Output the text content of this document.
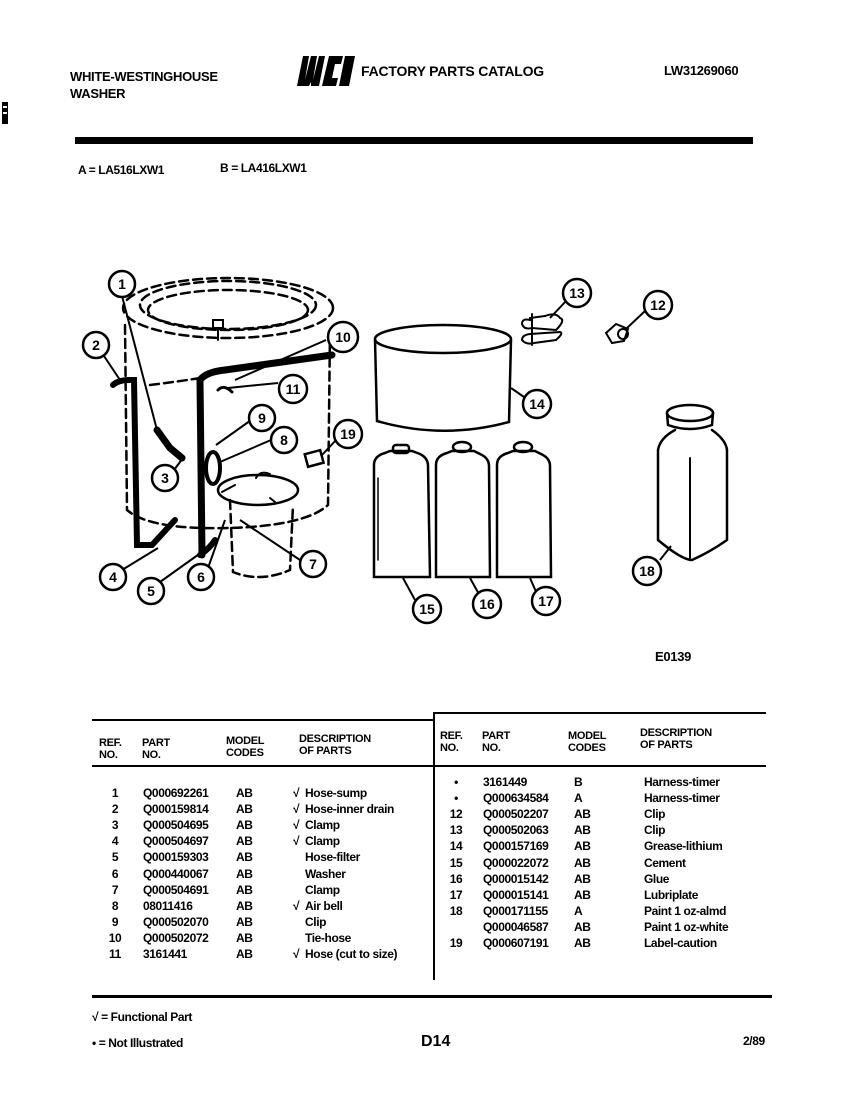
WHITE-WESTINGHOUSE
WASHER
FACTORY PARTS CATALOG	LW31269060
A = LA516LXW1	B = LA416LXW1
1
2
3
4
5
6
7
8
9
10
11
12
13
14
15	16	17
18
19
E0139
REF.
NO.
PART
NO.
MODEL
CODES
DESCRIPTION
OF PARTS
REF.
NO.
PART
NO.
MODEL
CODES
DESCRIPTION
OF PARTS
1	Q000692261 AB	√ Hose-sump
2	Q000159814 AB	√ Hose-inner drain
3	Q000504695 AB	√ Clamp
4	Q000504697 AB	√ Clamp
5	Q000159303 AB	Hose-filter
6	Q000440067 AB	Washer
7	Q000504691 AB	Clamp
8	08011416	AB	√ Air bell
9	Q000502070 AB	Clip
10	Q000502072 AB	Tie-hose
11	3161441	AB	√ Hose (cut to size)
•	3161449	B	Harness-timer
•	Q000634584 A	Harness-timer
12	Q000502207 AB	Clip
13	Q000502063 AB	Clip
14	Q000157169 AB	Grease-lithium
15	Q000022072 AB	Cement
16	Q000015142 AB	Glue
17	Q000015141 AB	Lubriplate
18	Q000171155 A	Paint 1 oz-almd
Q000046587 AB	Paint 1 oz-white
19	Q000607191 AB	Label-caution
√ = Functional Part
• = Not Illustrated	D14	2/89
